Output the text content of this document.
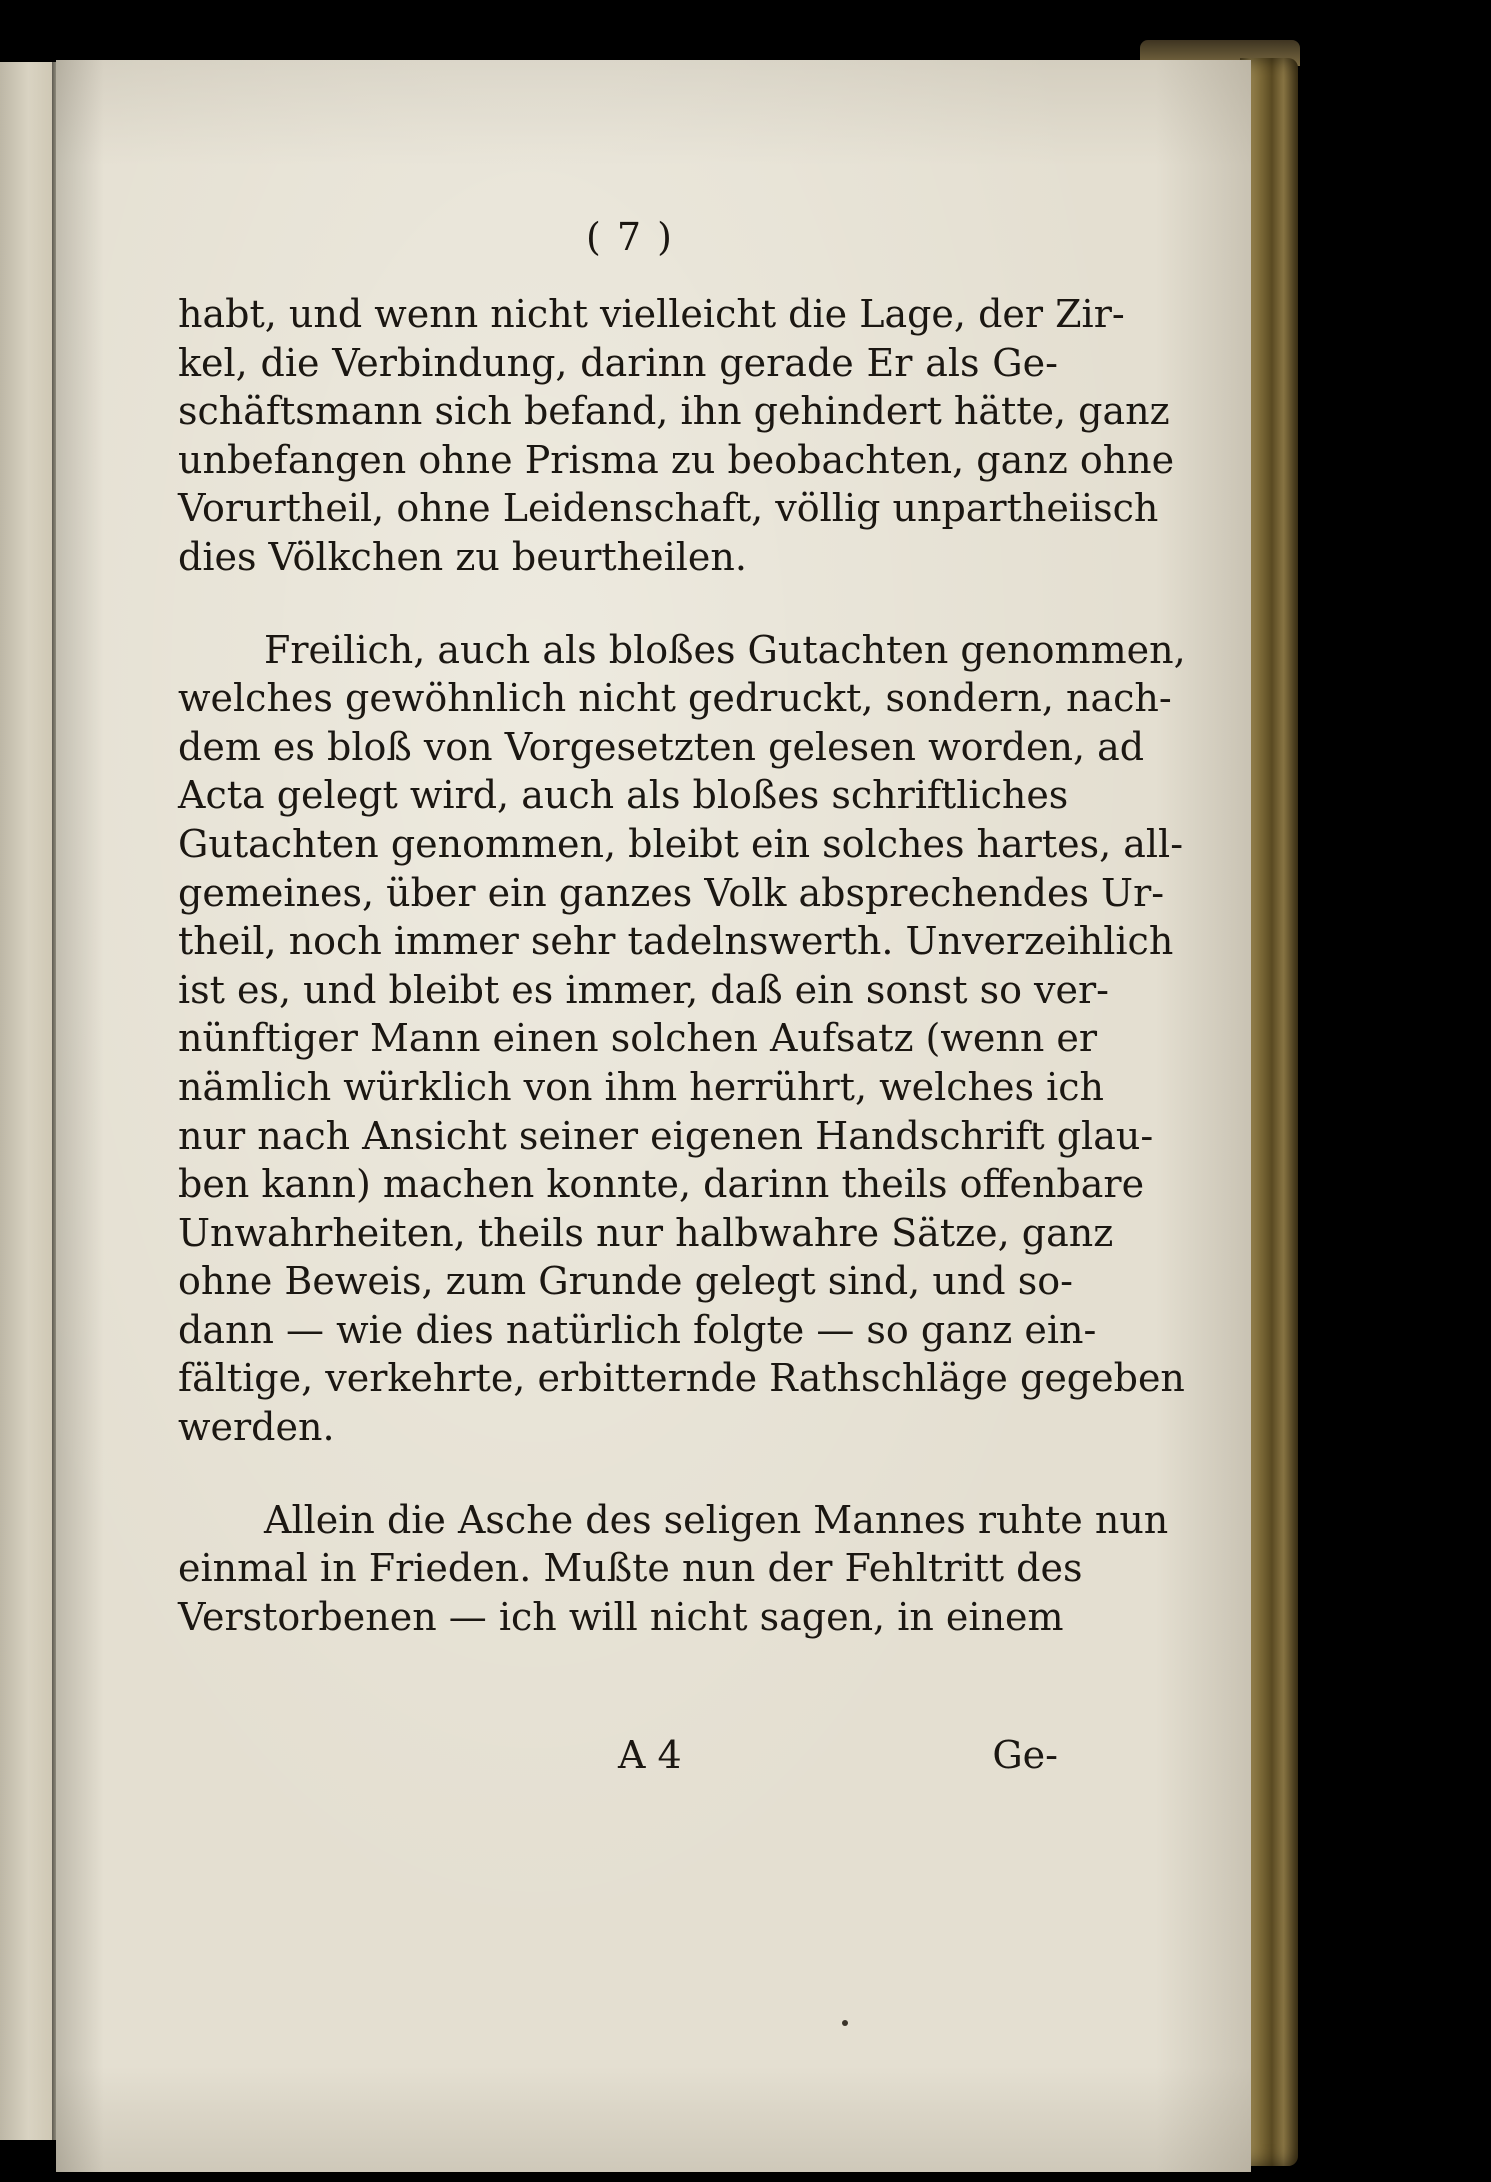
( 7 )
habt, und wenn nicht vielleicht die Lage, der Zir-
kel, die Verbindung, darinn gerade Er als Ge-
schäftsmann sich befand, ihn gehindert hätte, ganz
unbefangen ohne Prisma zu beobachten, ganz ohne
Vorurtheil, ohne Leidenschaft, völlig unpartheiisch
dies Völkchen zu beurtheilen.
Freilich, auch als bloßes Gutachten genommen,
welches gewöhnlich nicht gedruckt, sondern, nach-
dem es bloß von Vorgesetzten gelesen worden, ad
Acta gelegt wird, auch als bloßes schriftliches
Gutachten genommen, bleibt ein solches hartes, all-
gemeines, über ein ganzes Volk absprechendes Ur-
theil, noch immer sehr tadelnswerth. Unverzeihlich
ist es, und bleibt es immer, daß ein sonst so ver-
nünftiger Mann einen solchen Aufsatz (wenn er
nämlich würklich von ihm herrührt, welches ich
nur nach Ansicht seiner eigenen Handschrift glau-
ben kann) machen konnte, darinn theils offenbare
Unwahrheiten, theils nur halbwahre Sätze, ganz
ohne Beweis, zum Grunde gelegt sind, und so-
dann — wie dies natürlich folgte — so ganz ein-
fältige, verkehrte, erbitternde Rathschläge gegeben
werden.
Allein die Asche des seligen Mannes ruhte nun
einmal in Frieden. Mußte nun der Fehltritt des
Verstorbenen — ich will nicht sagen, in einem
A 4	Ge-
